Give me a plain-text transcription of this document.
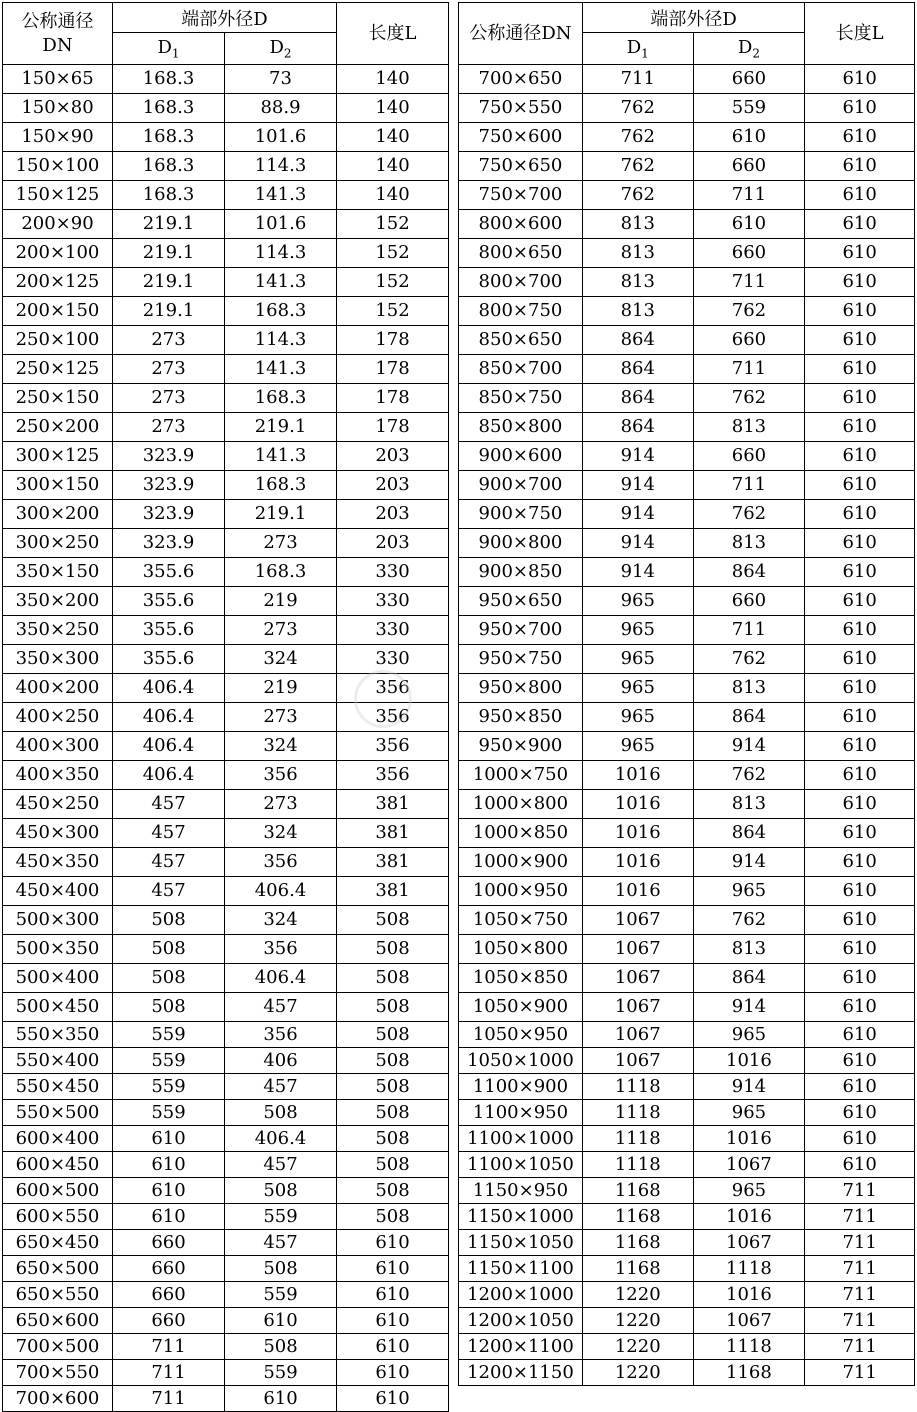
公称通径
DN	端部外径D		长度L
	$D_1$	$D_2$
150×65	168.3	73	140
150×80	168.3	88.9	140
150×90	168.3	101.6	140
150×100	168.3	114.3	140
150×125	168.3	141.3	140
200×90	219.1	101.6	152
200×100	219.1	114.3	152
200×125	219.1	141.3	152
200×150	219.1	168.3	152
250×100	273	114.3	178
250×125	273	141.3	178
250×150	273	168.3	178
250×200	273	219.1	178
300×125	323.9	141.3	203
300×150	323.9	168.3	203
300×200	323.9	219.1	203
300×250	323.9	273	203
350×150	355.6	168.3	330
350×200	355.6	219	330
350×250	355.6	273	330
350×300	355.6	324	330
400×200	406.4	219	356
400×250	406.4	273	356
400×300	406.4	324	356
400×350	406.4	356	356
450×250	457	273	381
450×300	457	324	381
450×350	457	356	381
450×400	457	406.4	381
500×300	508	324	508
500×350	508	356	508
500×400	508	406.4	508
500×450	508	457	508
550×350	559	356	508
550×400	559	406	508
550×450	559	457	508
550×500	559	508	508
600×400	610	406.4	508
600×450	610	457	508
600×500	610	508	508
600×550	610	559	508
650×450	660	457	610
650×500	660	508	610
650×550	660	559	610
650×600	660	610	610
700×500	711	508	610
700×550	711	559	610
700×600	711	610	610
公称通径DN	端部外径D		长度L
	$D_1$	$D_2$
700×650	711	660	610
750×550	762	559	610
750×600	762	610	610
750×650	762	660	610
750×700	762	711	610
800×600	813	610	610
800×650	813	660	610
800×700	813	711	610
800×750	813	762	610
850×650	864	660	610
850×700	864	711	610
850×750	864	762	610
850×800	864	813	610
900×600	914	660	610
900×700	914	711	610
900×750	914	762	610
900×800	914	813	610
900×850	914	864	610
950×650	965	660	610
950×700	965	711	610
950×750	965	762	610
950×800	965	813	610
950×850	965	864	610
950×900	965	914	610
1000×750	1016	762	610
1000×800	1016	813	610
1000×850	1016	864	610
1000×900	1016	914	610
1000×950	1016	965	610
1050×750	1067	762	610
1050×800	1067	813	610
1050×850	1067	864	610
1050×900	1067	914	610
1050×950	1067	965	610
1050×1000	1067	1016	610
1100×900	1118	914	610
1100×950	1118	965	610
1100×1000	1118	1016	610
1100×1050	1118	1067	610
1150×950	1168	965	711
1150×1000	1168	1016	711
1150×1050	1168	1067	711
1150×1100	1168	1118	711
1200×1000	1220	1016	711
1200×1050	1220	1067	711
1200×1100	1220	1118	711
1200×1150	1220	1168	711
